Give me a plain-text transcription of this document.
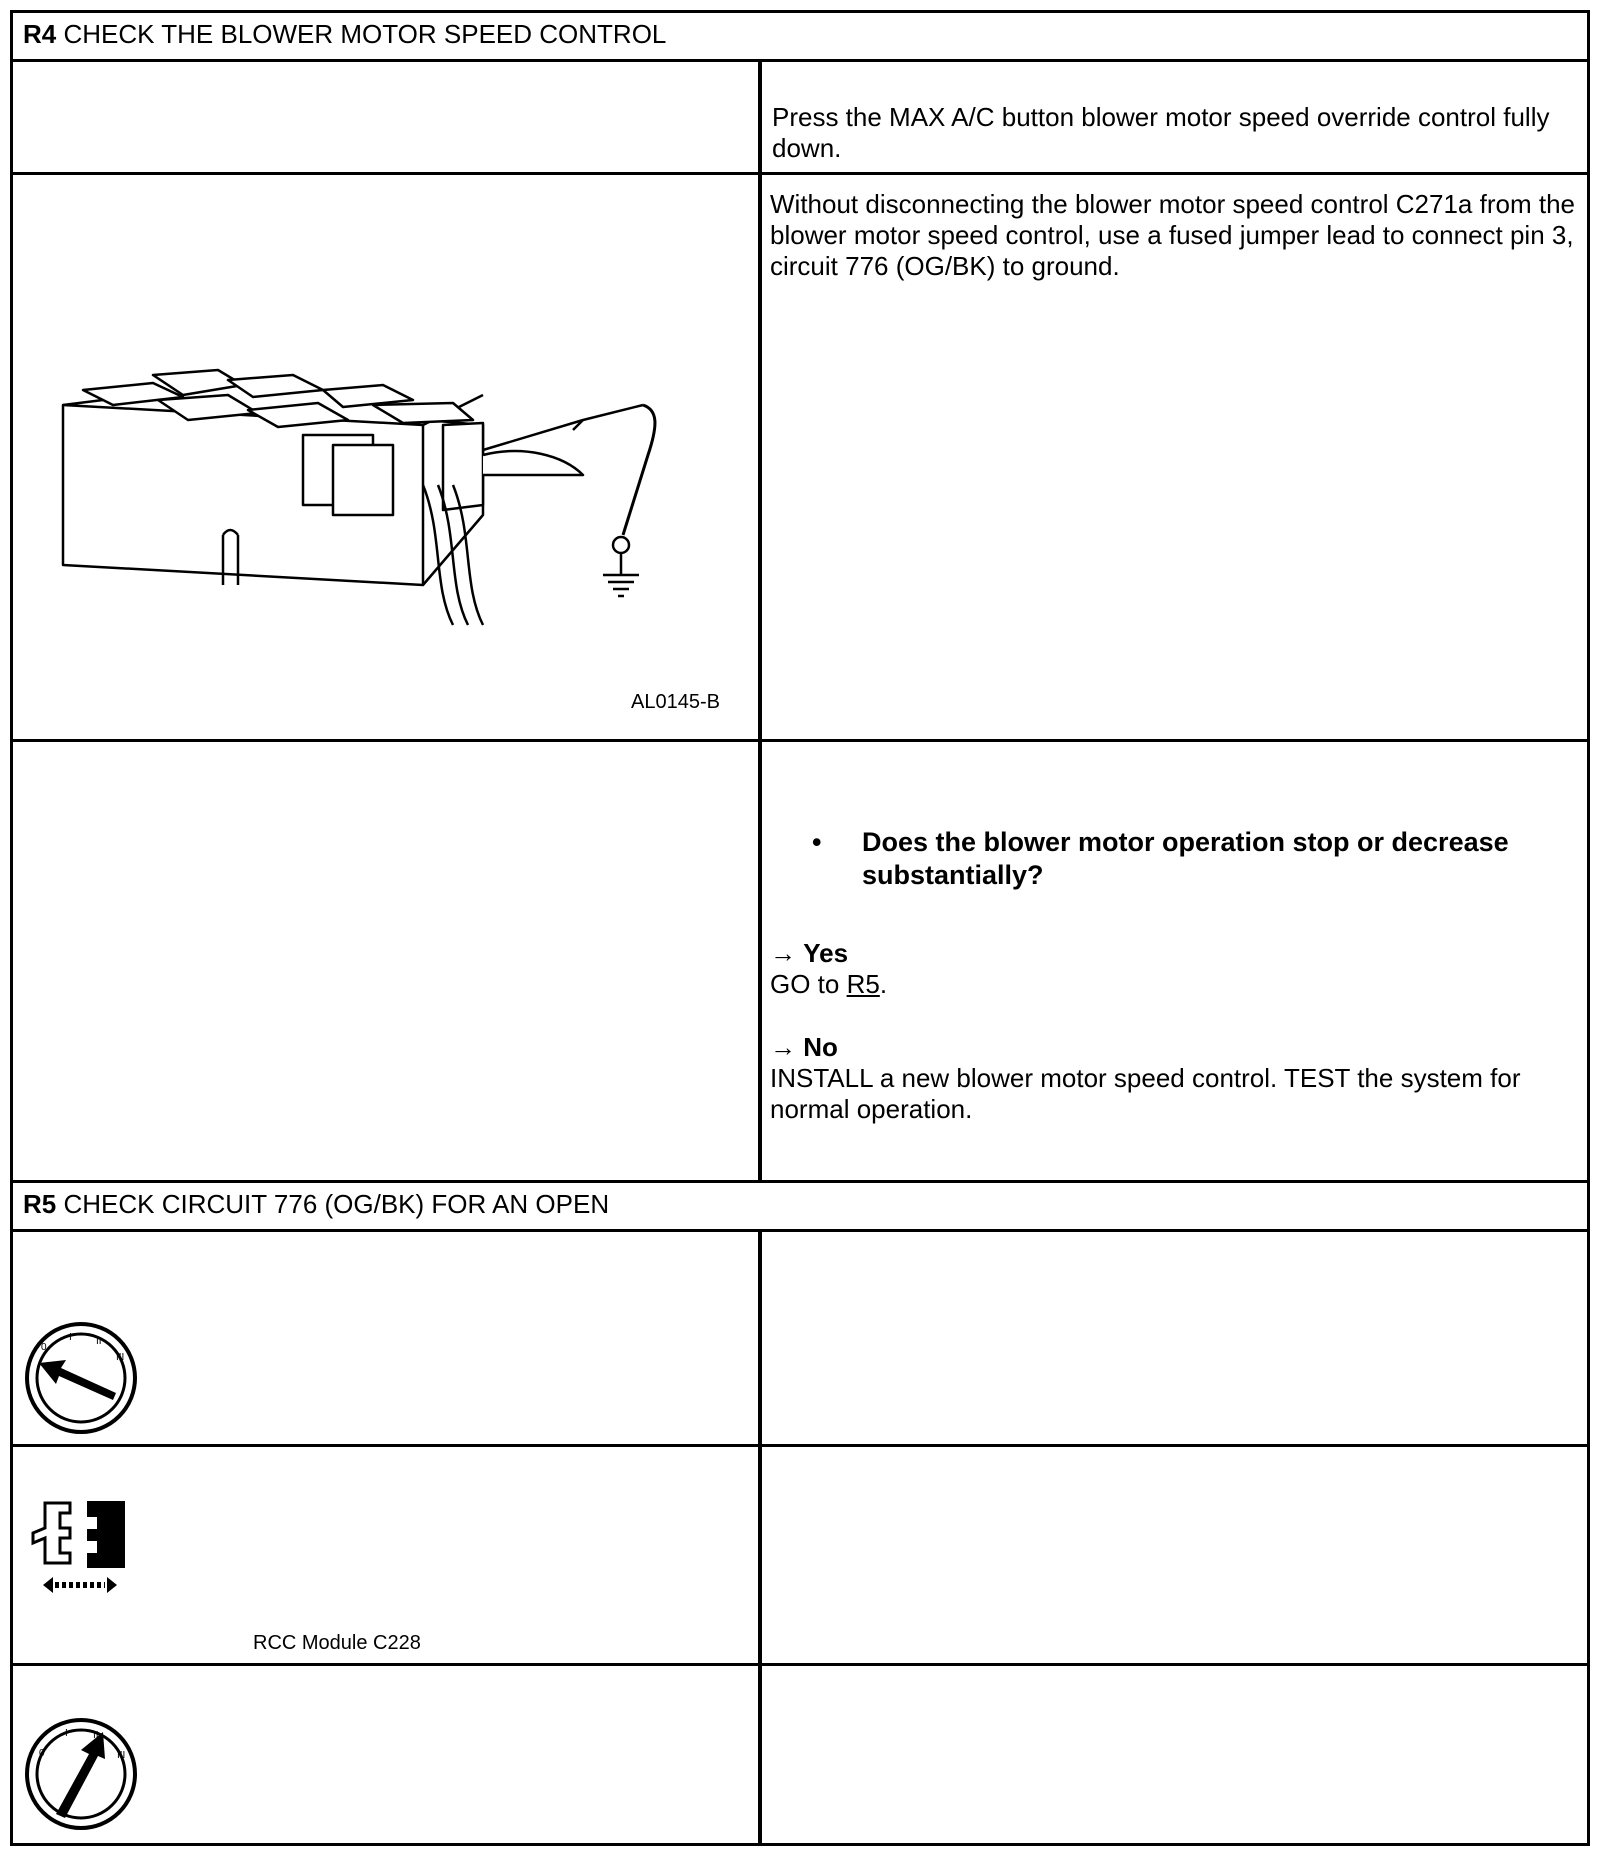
R4 CHECK THE BLOWER MOTOR SPEED CONTROL
Press the MAX A/C button blower motor speed override control fully down.
AL0145-B
Without disconnecting the blower motor speed control C271a from the blower motor speed control, use a fused jumper lead to connect pin 3, circuit 776 (OG/BK) to ground.
•	Does the blower motor operation stop or decrease substantially?
→ Yes
GO to R5.
→ No
INSTALL a new blower motor speed control. TEST the system for normal operation.
R5 CHECK CIRCUIT 776 (OG/BK) FOR AN OPEN
0
I II
III
RCC Module C228
0
I	II
III
